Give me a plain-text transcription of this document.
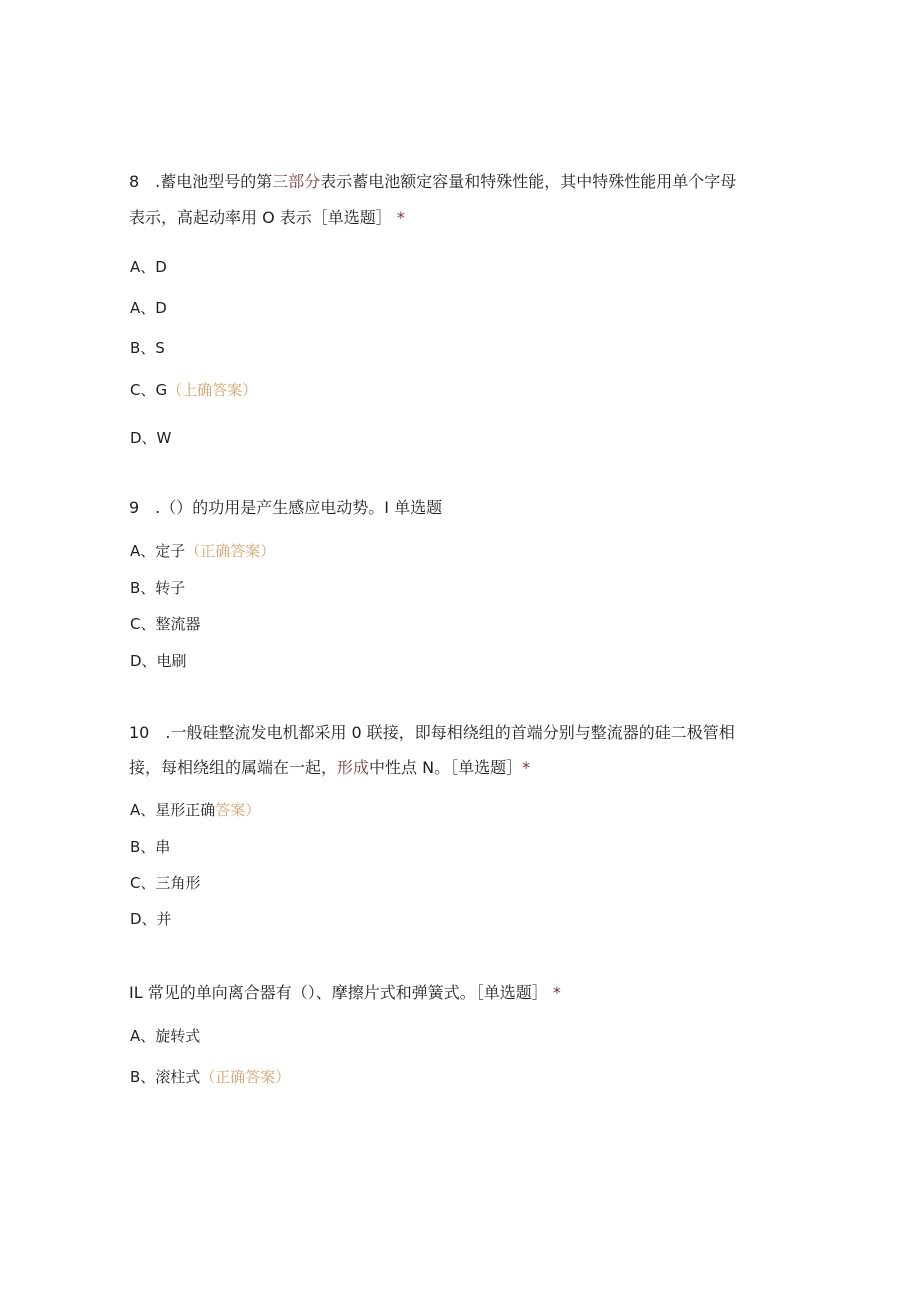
8　.蓄电池型号的第三部分表示蓄电池额定容量和特殊性能，其中特殊性能用单个字母
表示，高起动率用 O 表示［单选题］ *
A、D
A、D
B、S
C、G（上确答案）
D、W
9　.（）的功用是产生感应电动势。I 单选题
A、定子（正确答案）
B、转子
C、整流器
D、电刷
10　.一般硅整流发电机都采用 0 联接，即每相绕组的首端分别与整流器的硅二极管相
接，每相绕组的属端在一起，形成中性点 N。［单选题］*
A、星形正确答案）
B、串
C、三角形
D、并
IL 常见的单向离合器有（）、摩擦片式和弹簧式。［单选题］ *
A、旋转式
B、滚柱式（正确答案）
